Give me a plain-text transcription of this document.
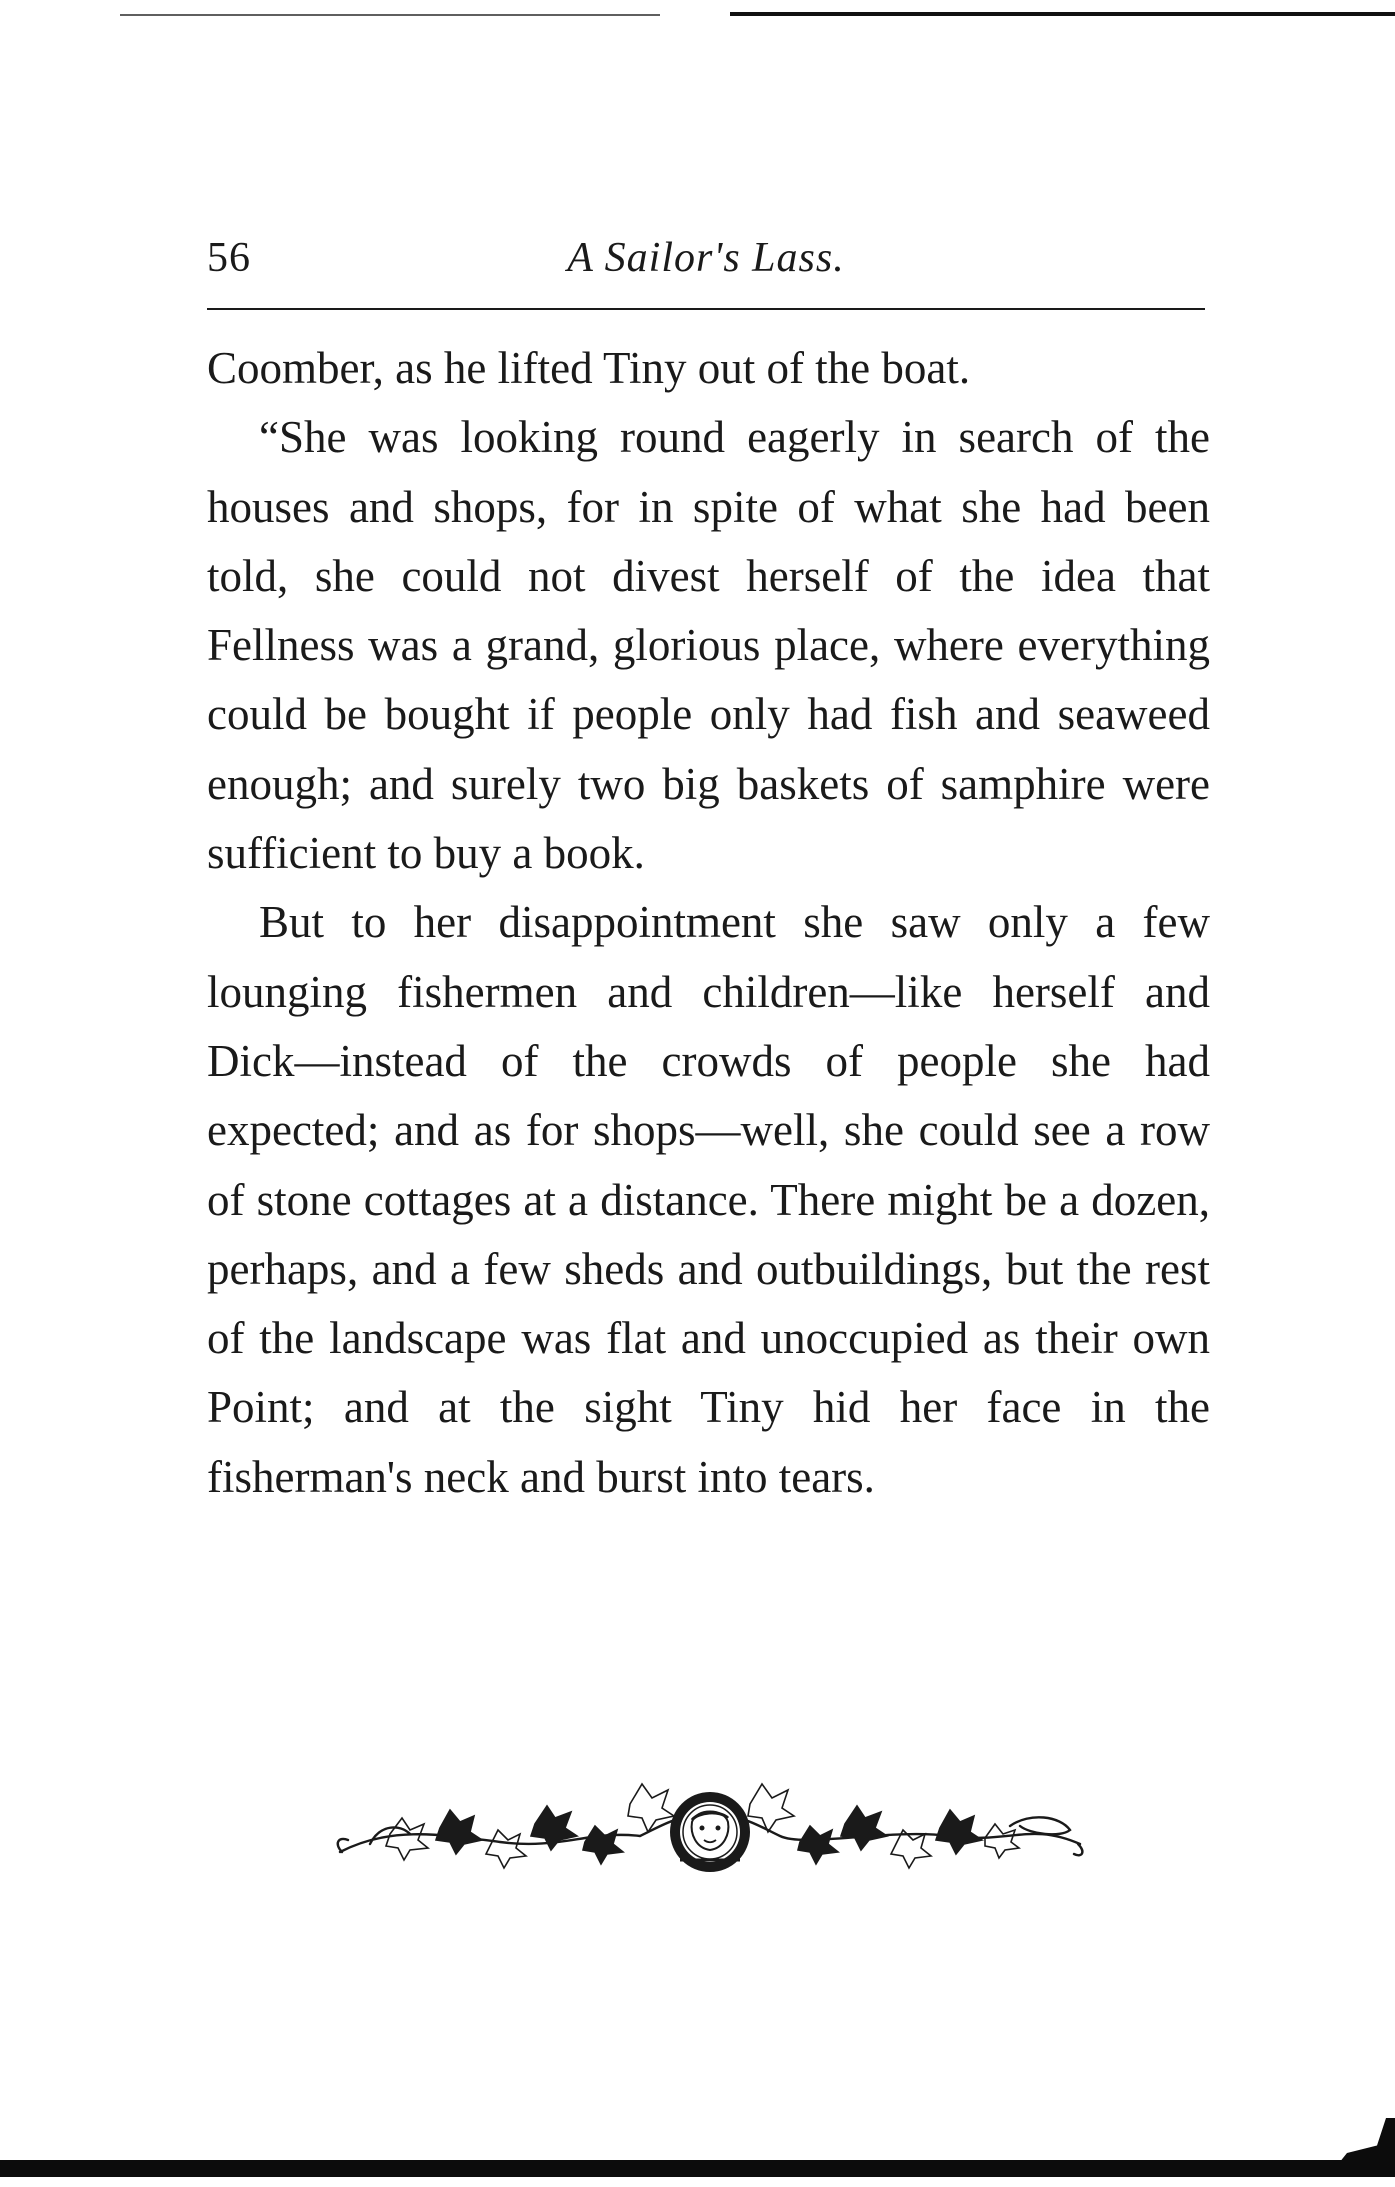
56	A Sailor's Lass.

Coomber, as he lifted Tiny out of the boat.

“She was looking round eagerly in search of the houses and shops, for in spite of what she had been told, she could not divest herself of the idea that Fellness was a grand, glorious place, where everything could be bought if people only had fish and seaweed enough; and surely two big baskets of samphire were sufficient to buy a book.

But to her disappointment she saw only a few lounging fishermen and children—like herself and Dick—instead of the crowds of people she had expected; and as for shops—well, she could see a row of stone cottages at a distance. There might be a dozen, perhaps, and a few sheds and outbuildings, but the rest of the landscape was flat and unoccupied as their own Point; and at the sight Tiny hid her face in the fisherman's neck and burst into tears.
